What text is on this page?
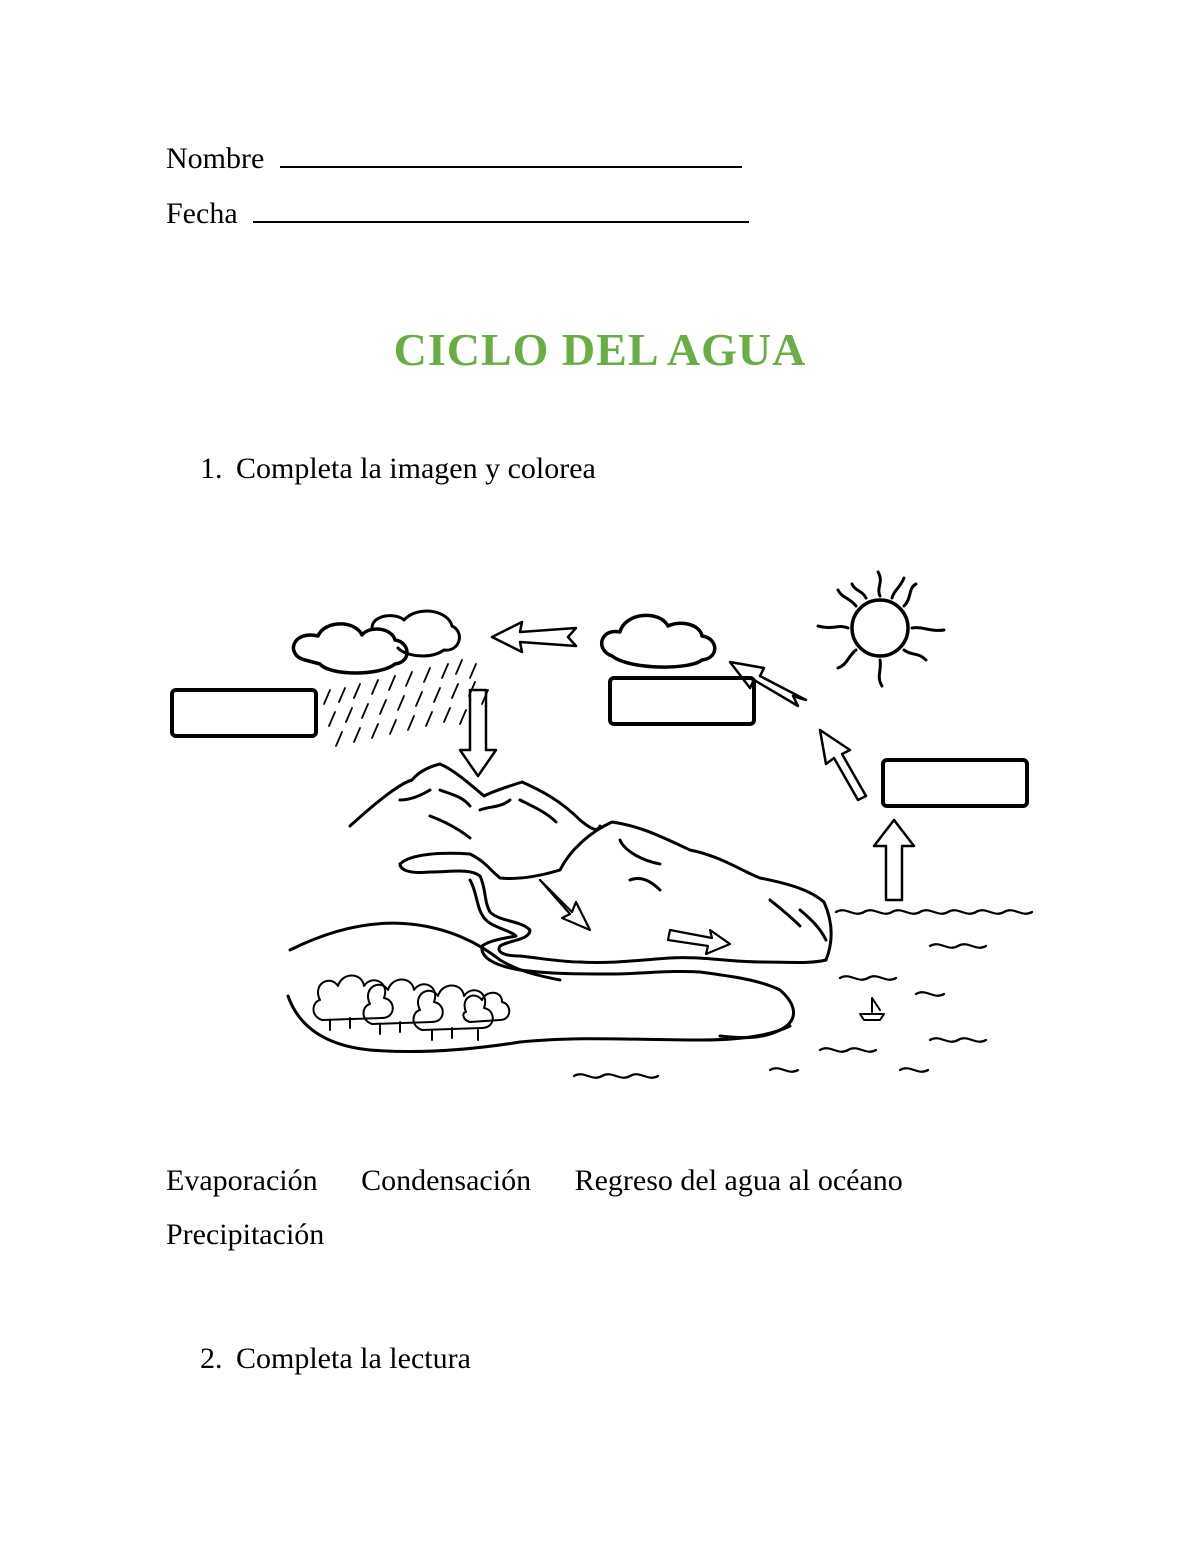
Nombre
Fecha
CICLO DEL AGUA
1. Completa la imagen y colorea
Evaporación Condensación Regreso del agua al océano
Precipitación
2. Completa la lectura
